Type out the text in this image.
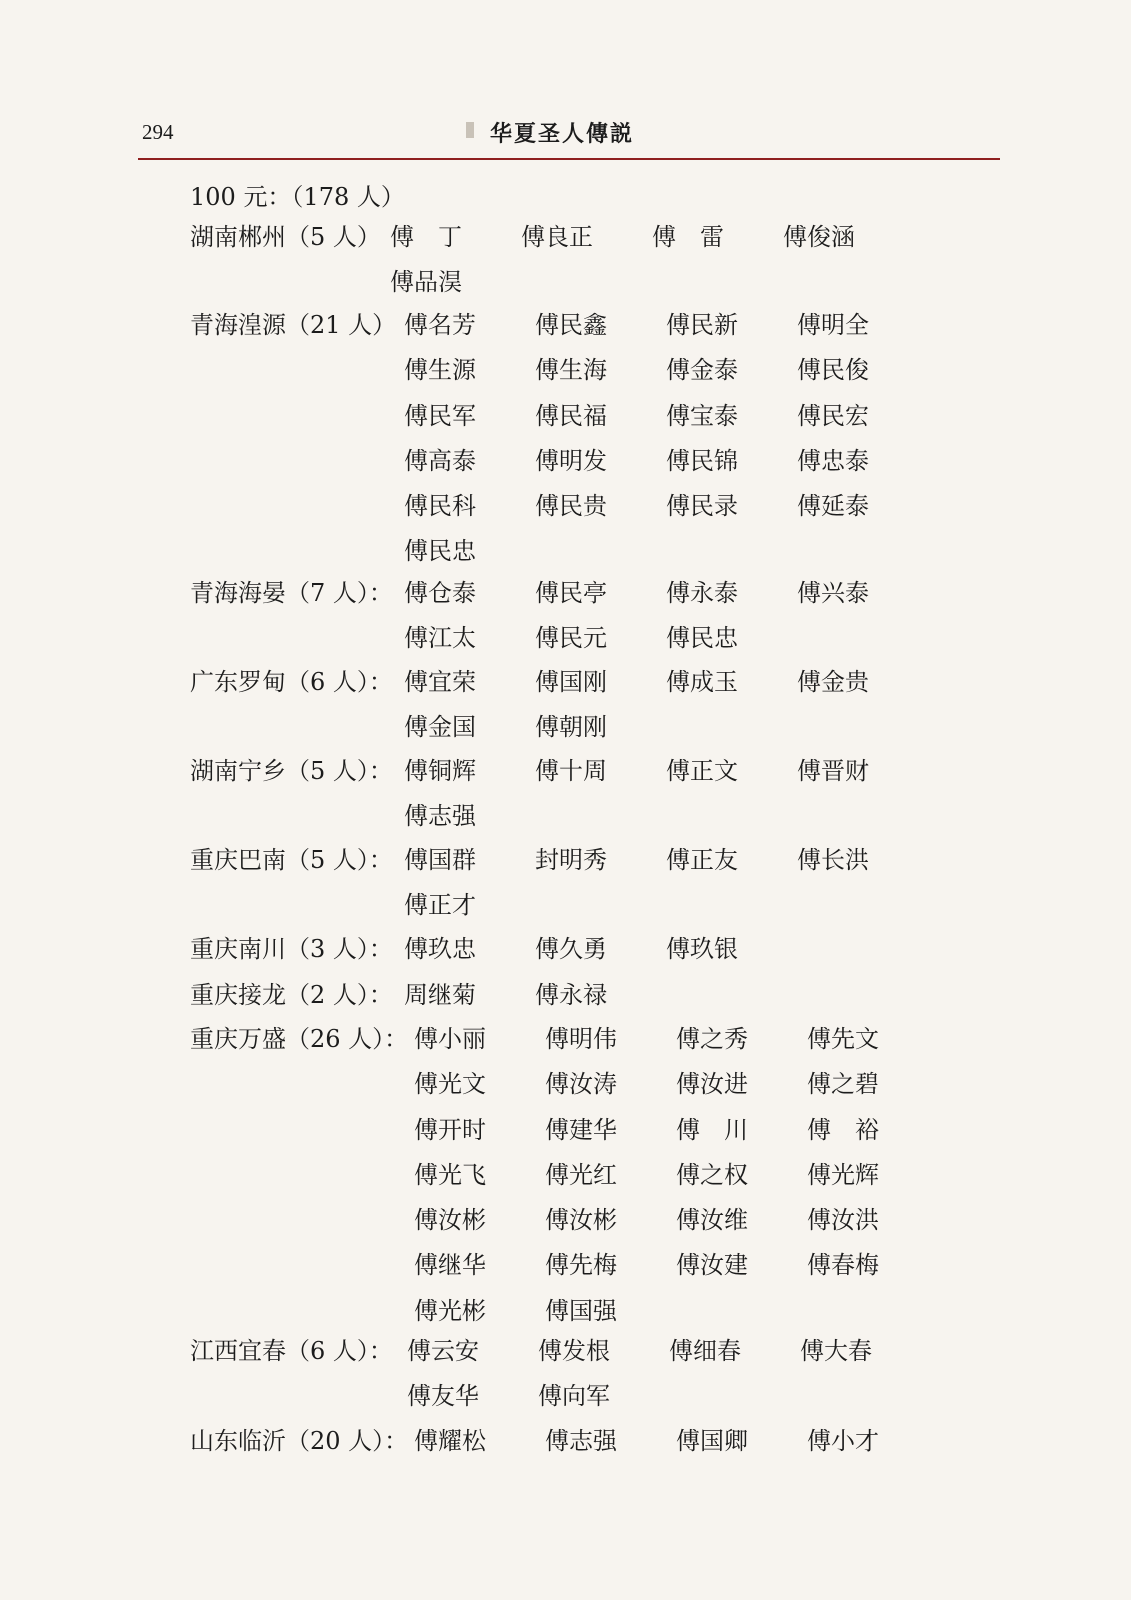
294	华夏圣人傳説
100 元：（178 人）
湖南郴州（5 人） 傅　丁 傅良正 傅　雷 傅俊涵
傅品淏
青海湟源（21 人） 傅名芳 傅民鑫 傅民新 傅明全
傅生源 傅生海 傅金泰 傅民俊
傅民军 傅民福 傅宝泰 傅民宏
傅高泰 傅明发 傅民锦 傅忠泰
傅民科 傅民贵 傅民录 傅延泰
傅民忠
青海海晏（7 人）： 傅仓泰 傅民亭 傅永泰 傅兴泰
傅江太 傅民元 傅民忠
广东罗甸（6 人）： 傅宜荣 傅国刚 傅成玉 傅金贵
傅金国 傅朝刚
湖南宁乡（5 人）： 傅铜辉 傅十周 傅正文 傅晋财
傅志强
重庆巴南（5 人）： 傅国群 封明秀 傅正友 傅长洪
傅正才
重庆南川（3 人）： 傅玖忠 傅久勇 傅玖银
重庆接龙（2 人）： 周继菊 傅永禄
重庆万盛（26 人）： 傅小丽 傅明伟 傅之秀 傅先文
傅光文 傅汝涛 傅汝进 傅之碧
傅开时 傅建华 傅　川 傅　裕
傅光飞 傅光红 傅之权 傅光辉
傅汝彬 傅汝彬 傅汝维 傅汝洪
傅继华 傅先梅 傅汝建 傅春梅
傅光彬 傅国强
江西宜春（6 人）： 傅云安 傅发根 傅细春 傅大春
傅友华 傅向军
山东临沂（20 人）： 傅耀松 傅志强 傅国卿 傅小才
